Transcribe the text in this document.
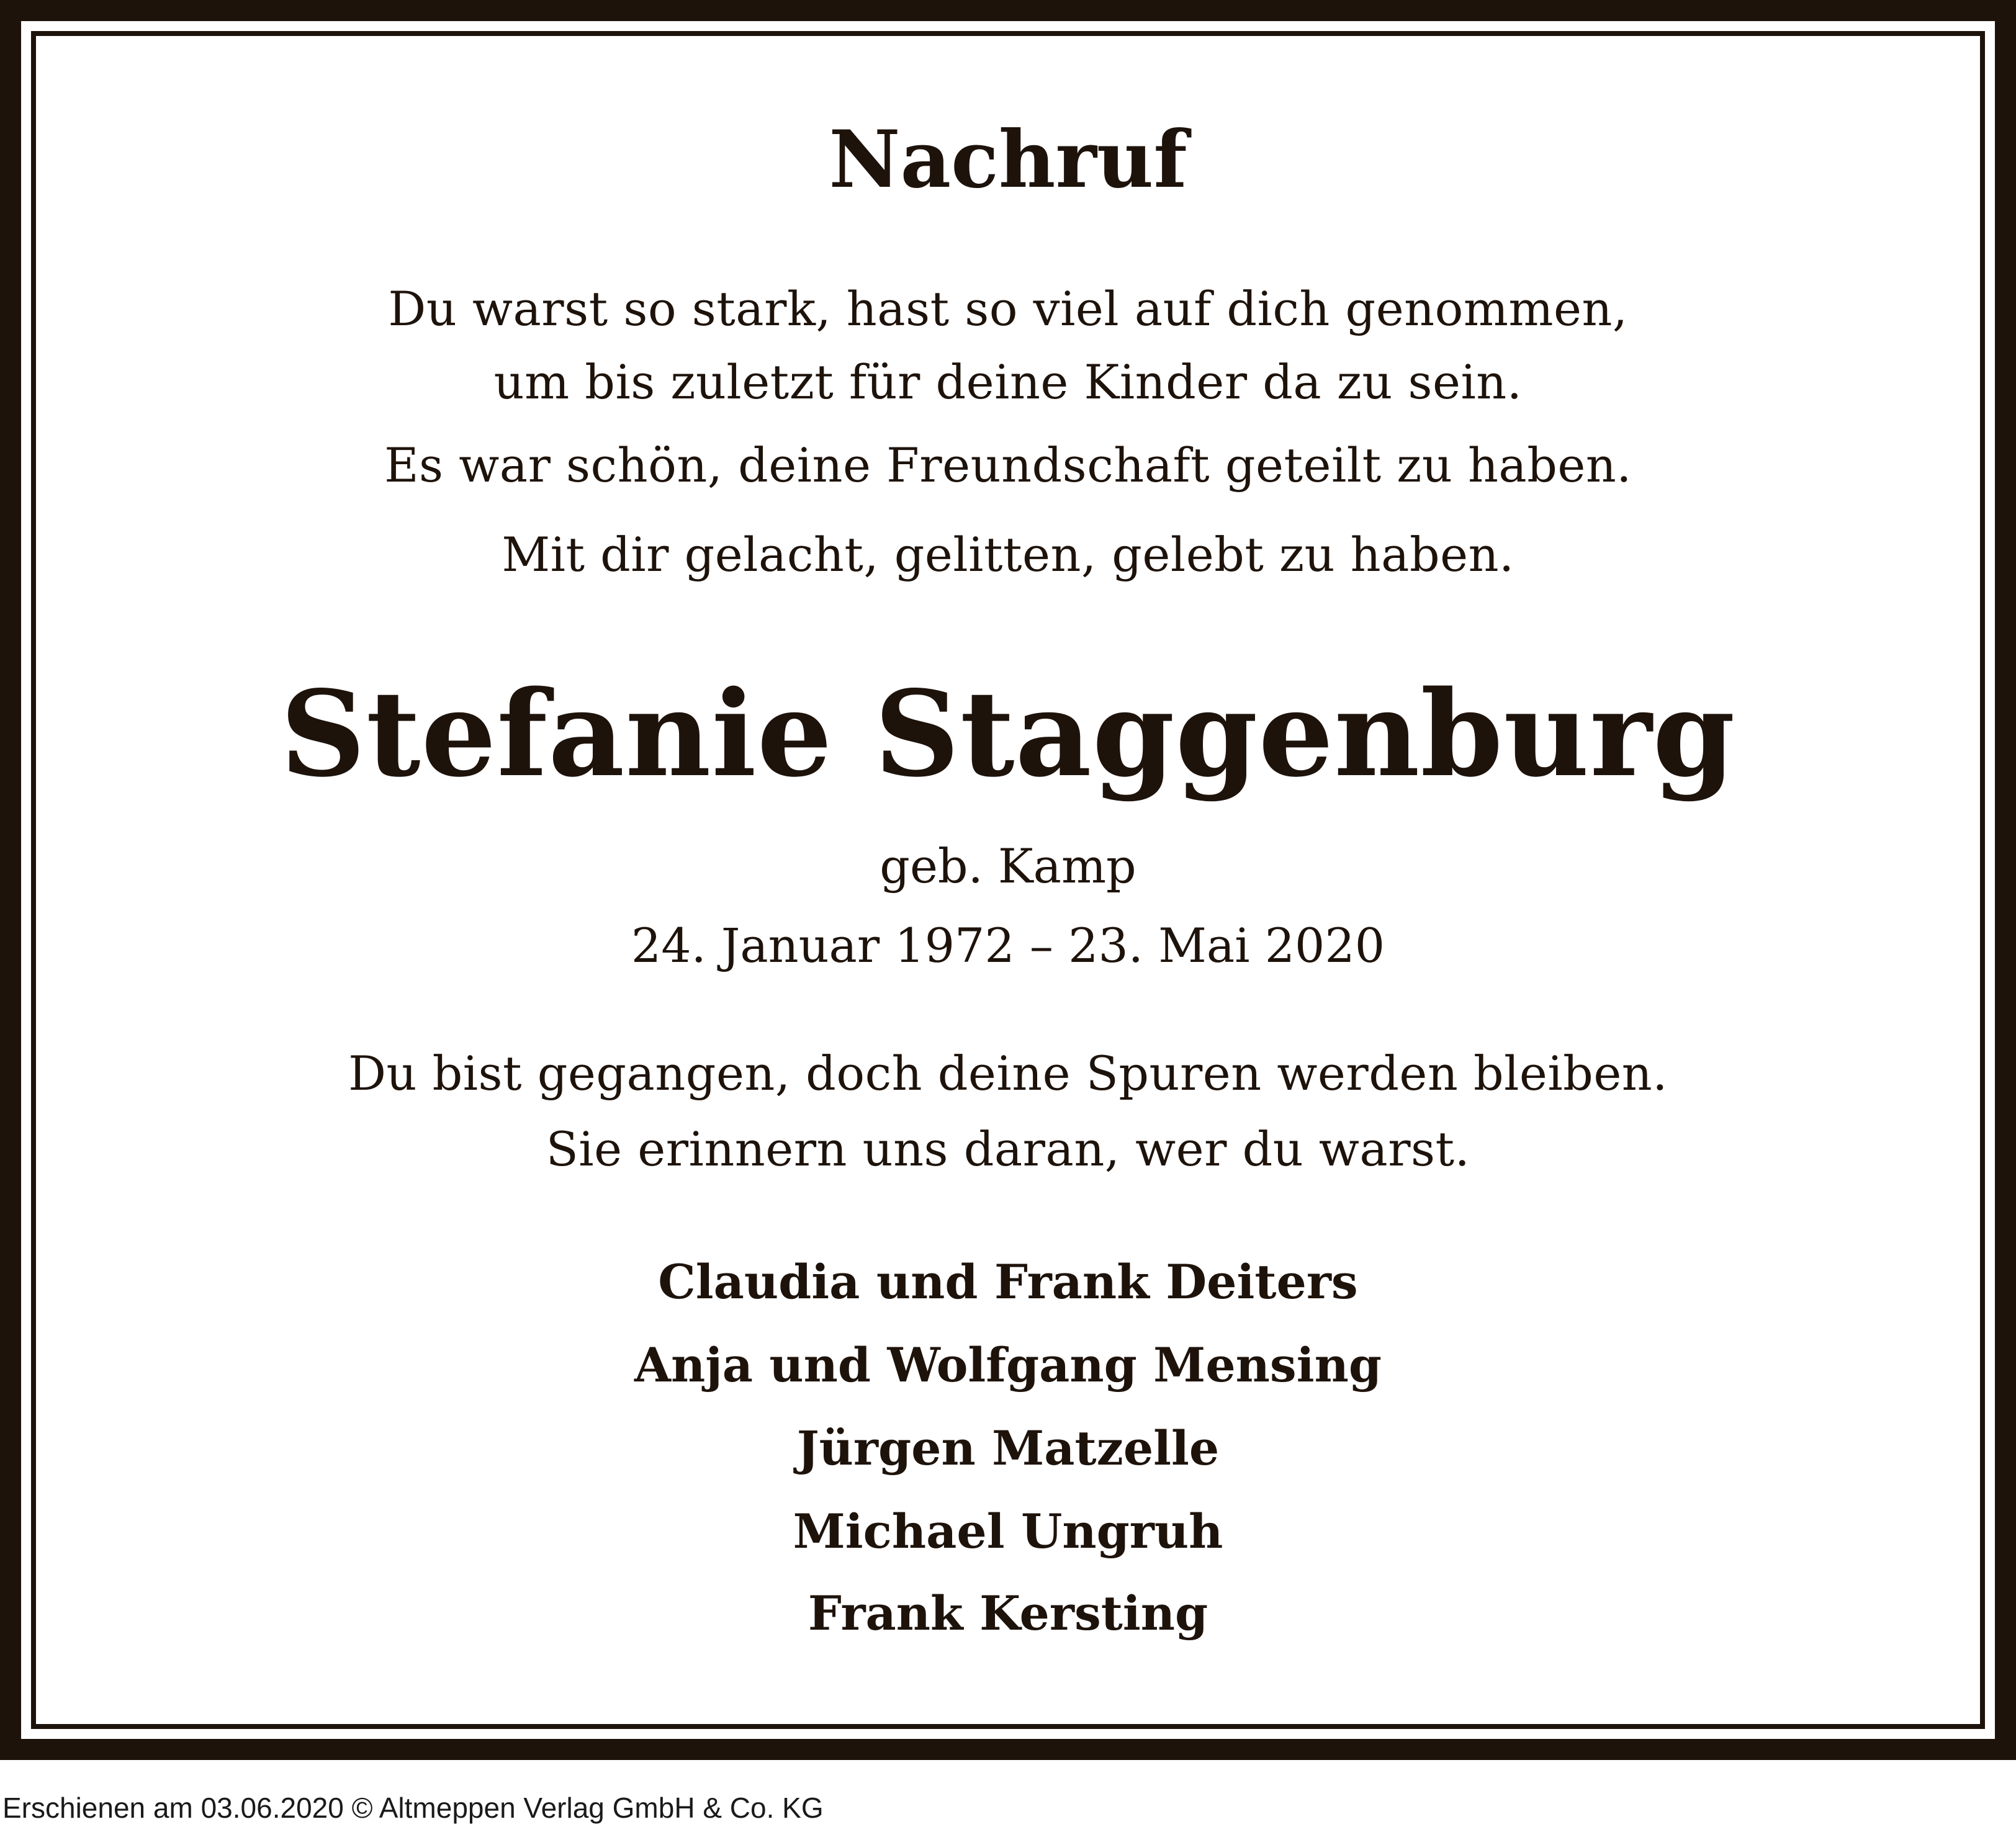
Nachruf
Du warst so stark, hast so viel auf dich genommen,
um bis zuletzt für deine Kinder da zu sein.
Es war schön, deine Freundschaft geteilt zu haben.
Mit dir gelacht, gelitten, gelebt zu haben.
Stefanie Staggenburg
geb. Kamp
24. Januar 1972 – 23. Mai 2020
Du bist gegangen, doch deine Spuren werden bleiben.
Sie erinnern uns daran, wer du warst.
Claudia und Frank Deiters
Anja und Wolfgang Mensing
Jürgen Matzelle
Michael Ungruh
Frank Kersting
Erschienen am 03.06.2020 © Altmeppen Verlag GmbH & Co. KG
